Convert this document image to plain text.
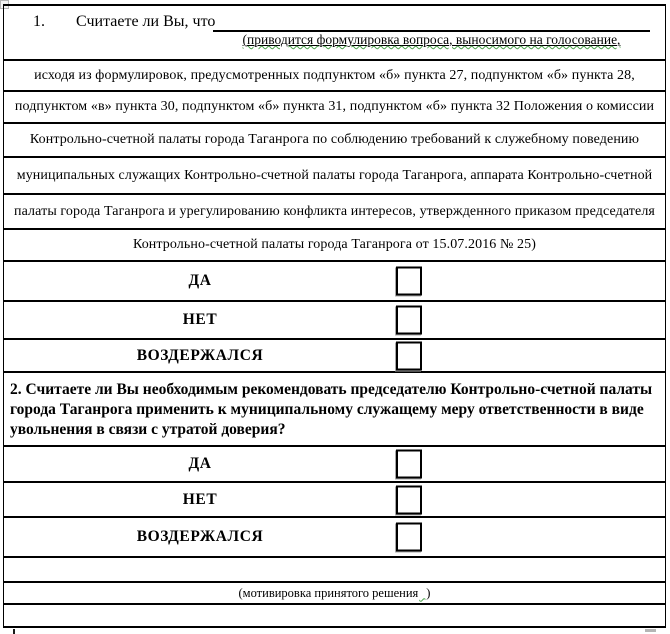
1. Считаете ли Вы, что
(приводится формулировка вопроса, выносимого на голосование,
исходя из формулировок, предусмотренных подпунктом «б» пункта 27, подпунктом «б» пункта 28,
подпунктом «в» пункта 30, подпунктом «б» пункта 31, подпунктом «б» пункта 32 Положения о комиссии
Контрольно-счетной палаты города Таганрога по соблюдению требований к служебному поведению
муниципальных служащих Контрольно-счетной палаты города Таганрога, аппарата Контрольно-счетной
палаты города Таганрога и урегулированию конфликта интересов, утвержденного приказом председателя
Контрольно-счетной палаты города Таганрога от 15.07.2016 № 25)
ДА
НЕТ
ВОЗДЕРЖАЛСЯ
2. Считаете ли Вы необходимым рекомендовать председателю Контрольно-счетной палаты
города Таганрога применить к муниципальному служащему меру ответственности в виде
увольнения в связи с утратой доверия?
ДА
НЕТ
ВОЗДЕРЖАЛСЯ
(мотивировка принятого решения )
